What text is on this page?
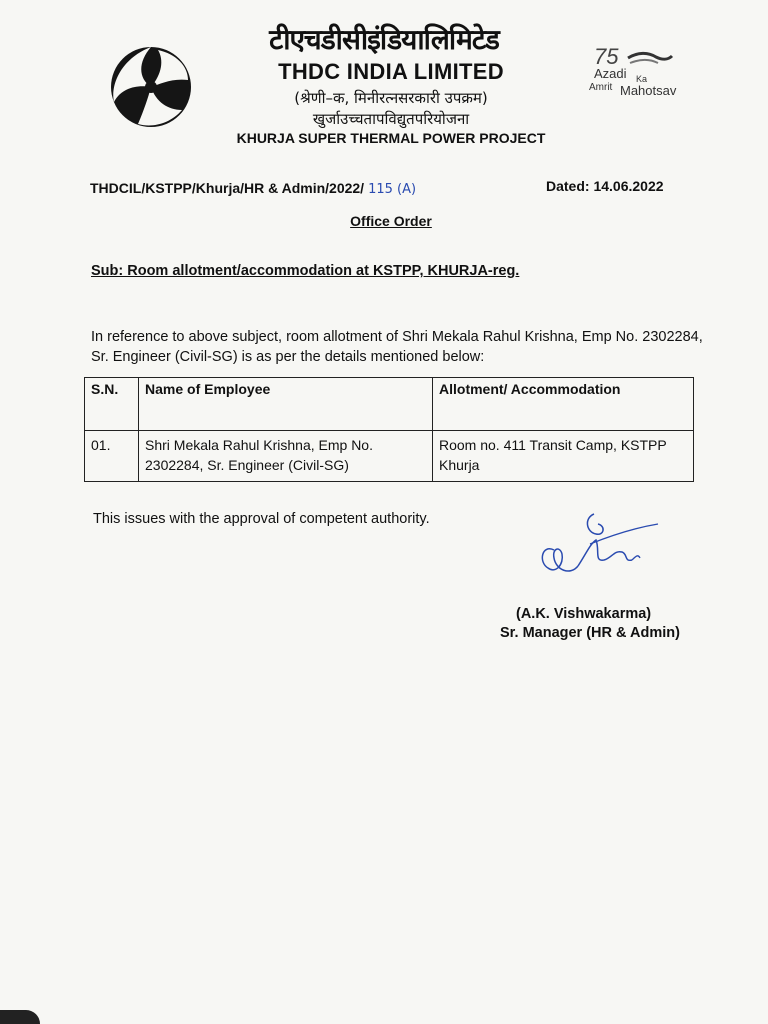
टीएचडीसीइंडियालिमिटेड
THDC INDIA LIMITED
(श्रेणी–क, मिनीरत्नसरकारी उपक्रम)
खुर्जाउच्चतापविद्युतपरियोजना
KHURJA SUPER THERMAL POWER PROJECT
75
Azadi Ka
Amrit Mahotsav
THDCIL/KSTPP/Khurja/HR & Admin/2022/ 115 (A)	Dated: 14.06.2022
Office Order
Sub: Room allotment/accommodation at KSTPP, KHURJA-reg.
In reference to above subject, room allotment of Shri Mekala Rahul Krishna, Emp No. 2302284, Sr. Engineer (Civil-SG) is as per the details mentioned below:
S.N.	Name of Employee	Allotment/ Accommodation
01.	Shri Mekala Rahul Krishna, Emp No. 2302284, Sr. Engineer (Civil-SG)	Room no. 411 Transit Camp, KSTPP Khurja
This issues with the approval of competent authority.
(A.K. Vishwakarma)
Sr. Manager (HR & Admin)
